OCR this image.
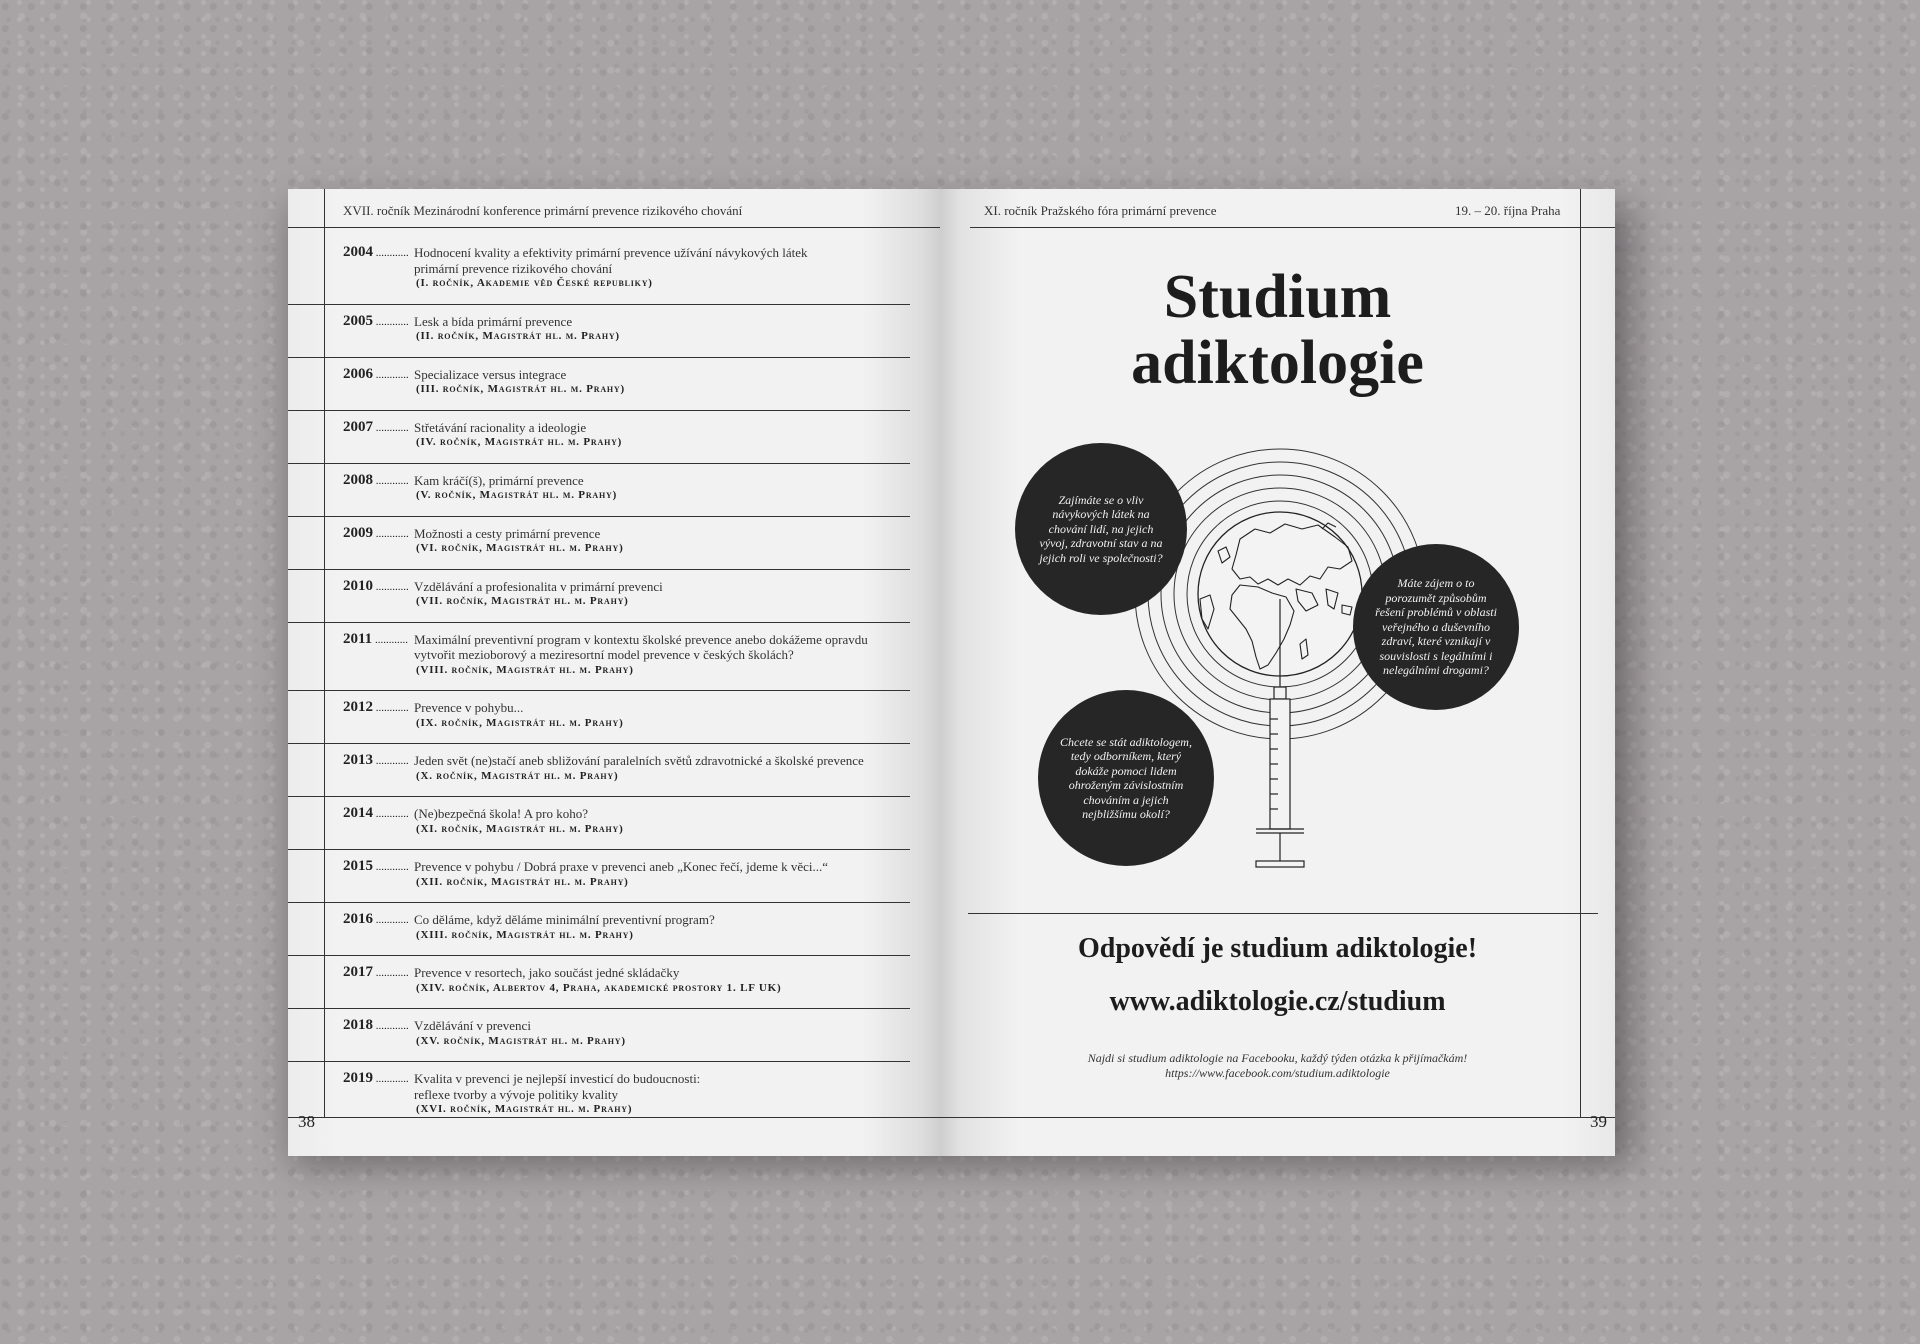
XVII. ročník Mezinárodní konference primární prevence rizikového chování
2004 .....	Hodnocení kvality a efektivity primární prevence užívání návykových látek
primární prevence rizikového chování
(I. ročník, Akademie věd České republiky)
2005 .....	Lesk a bída primární prevence
(II. ročník, Magistrát hl. m. Prahy)
2006 .....	Specializace versus integrace
(III. ročník, Magistrát hl. m. Prahy)
2007 .....	Střetávání racionality a ideologie
(IV. ročník, Magistrát hl. m. Prahy)
2008 .....	Kam kráčí(š), primární prevence
(V. ročník, Magistrát hl. m. Prahy)
2009 .....	Možnosti a cesty primární prevence
(VI. ročník, Magistrát hl. m. Prahy)
2010 .....	Vzdělávání a profesionalita v primární prevenci
(VII. ročník, Magistrát hl. m. Prahy)
2011 .....	Maximální preventivní program v kontextu školské prevence anebo dokážeme opravdu
vytvořit mezioborový a meziresortní model prevence v českých školách?
(VIII. ročník, Magistrát hl. m. Prahy)
2012 .....	Prevence v pohybu...
(IX. ročník, Magistrát hl. m. Prahy)
2013 .....	Jeden svět (ne)stačí aneb sbližování paralelních světů zdravotnické a školské prevence
(X. ročník, Magistrát hl. m. Prahy)
2014 .....	(Ne)bezpečná škola! A pro koho?
(XI. ročník, Magistrát hl. m. Prahy)
2015 .....	Prevence v pohybu / Dobrá praxe v prevenci aneb „Konec řečí, jdeme k věci...“
(XII. ročník, Magistrát hl. m. Prahy)
2016 .....	Co děláme, když děláme minimální preventivní program?
(XIII. ročník, Magistrát hl. m. Prahy)
2017 .....	Prevence v resortech, jako součást jedné skládačky
(XIV. ročník, Albertov 4, Praha, akademické prostory 1. LF UK)
2018 .....	Vzdělávání v prevenci
(XV. ročník, Magistrát hl. m. Prahy)
2019 .....	Kvalita v prevenci je nejlepší investicí do budoucnosti:
reflexe tvorby a vývoje politiky kvality
(XVI. ročník, Magistrát hl. m. Prahy)
38
XI. ročník Pražského fóra primární prevence	19. – 20. října Praha
Studium
adiktologie
Zajímáte se o vliv návykových látek na chování lidí, na jejich vývoj, zdravotní stav a na jejich roli ve společnosti?
Máte zájem o to porozumět způsobům řešení problémů v oblasti veřejného a duševního zdraví, které vznikají v souvislosti s legálními i nelegálními drogami?
Chcete se stát adiktologem, tedy odborníkem, který dokáže pomoci lidem ohroženým závislostním chováním a jejich nejbližšímu okolí?
Odpovědí je studium adiktologie!
www.adiktologie.cz/studium
Najdi si studium adiktologie na Facebooku, každý týden otázka k přijímačkám!
https://www.facebook.com/studium.adiktologie
39
